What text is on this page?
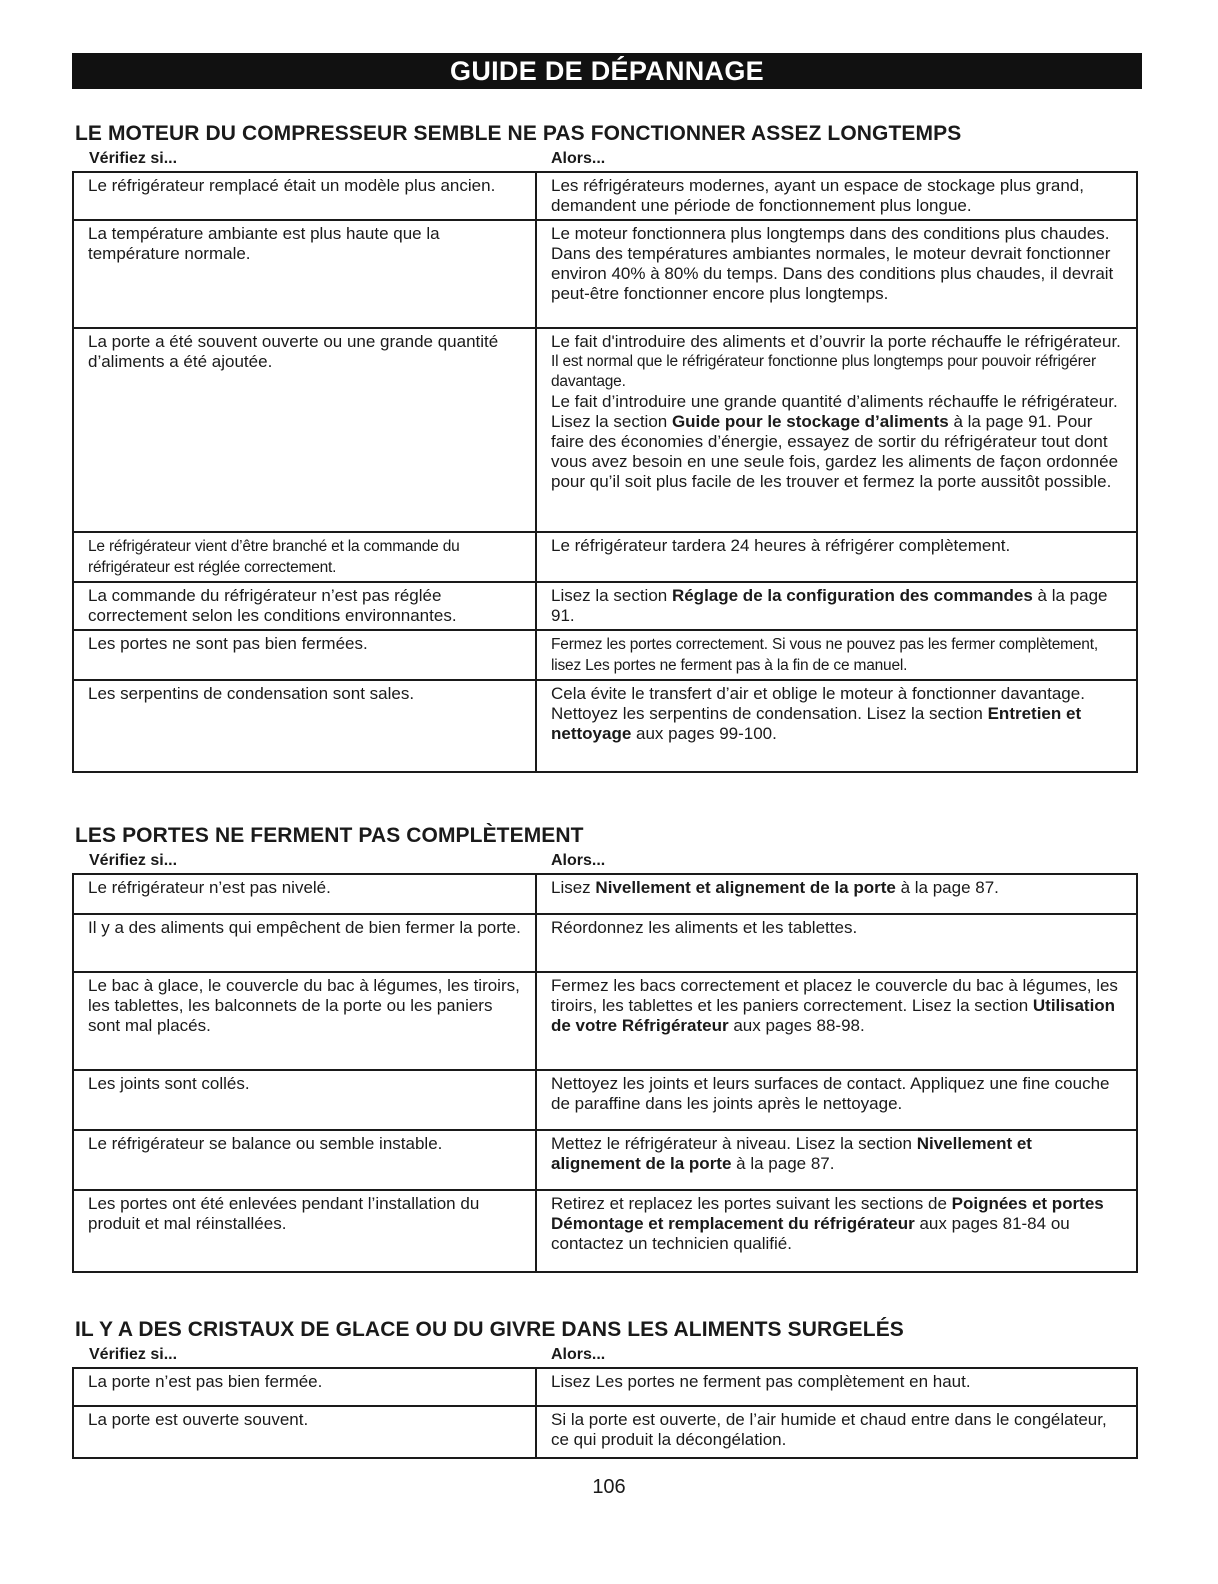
GUIDE DE DÉPANNAGE
LE MOTEUR DU COMPRESSEUR SEMBLE NE PAS FONCTIONNER ASSEZ LONGTEMPS
Vérifiez si...	Alors...
Le réfrigérateur remplacé était un modèle plus ancien.	Les réfrigérateurs modernes, ayant un espace de stockage plus grand, demandent une période de fonctionnement plus longue.
La température ambiante est plus haute que la température normale.	Le moteur fonctionnera plus longtemps dans des conditions plus chaudes. Dans des températures ambiantes normales, le moteur devrait fonctionner environ 40% à 80% du temps. Dans des conditions plus chaudes, il devrait peut-être fonctionner encore plus longtemps.
La porte a été souvent ouverte ou une grande quantité d’aliments a été ajoutée.	Le fait d'introduire des aliments et d’ouvrir la porte réchauffe le réfrigérateur.
Il est normal que le réfrigérateur fonctionne plus longtemps pour pouvoir réfrigérer davantage.
Le fait d’introduire une grande quantité d’aliments réchauffe le réfrigérateur. Lisez la section Guide pour le stockage d’aliments à la page 91. Pour faire des économies d’énergie, essayez de sortir du réfrigérateur tout dont vous avez besoin en une seule fois, gardez les aliments de façon ordonnée pour qu’il soit plus facile de les trouver et fermez la porte aussitôt possible.

Le réfrigérateur vient d’être branché et la commande du réfrigérateur est réglée correctement.	Le réfrigérateur tardera 24 heures à réfrigérer complètement.
La commande du réfrigérateur n’est pas réglée correctement selon les conditions environnantes.	Lisez la section Réglage de la configuration des commandes à la page 91.
Les portes ne sont pas bien fermées.	Fermez les portes correctement. Si vous ne pouvez pas les fermer complètement, lisez Les portes ne ferment pas à la fin de ce manuel.
Les serpentins de condensation sont sales.	Cela évite le transfert d’air et oblige le moteur à fonctionner davantage.
Nettoyez les serpentins de condensation. Lisez la section Entretien et nettoyage aux pages 99-100.
LES PORTES NE FERMENT PAS COMPLÈTEMENT
Vérifiez si...	Alors...
Le réfrigérateur n’est pas nivelé.	Lisez Nivellement et alignement de la porte à la page 87.
Il y a des aliments qui empêchent de bien fermer la porte.	Réordonnez les aliments et les tablettes.
Le bac à glace, le couvercle du bac à légumes, les tiroirs, les tablettes, les balconnets de la porte ou les paniers sont mal placés.	Fermez les bacs correctement et placez le couvercle du bac à légumes, les tiroirs, les tablettes et les paniers correctement. Lisez la section Utilisation de votre Réfrigérateur aux pages 88-98.
Les joints sont collés.	Nettoyez les joints et leurs surfaces de contact. Appliquez une fine couche de paraffine dans les joints après le nettoyage.
Le réfrigérateur se balance ou semble instable.	Mettez le réfrigérateur à niveau. Lisez la section Nivellement et alignement de la porte à la page 87.
Les portes ont été enlevées pendant l’installation du produit et mal réinstallées.	Retirez et replacez les portes suivant les sections de Poignées et portes Démontage et remplacement du réfrigérateur aux pages 81-84 ou contactez un technicien qualifié.
IL Y A DES CRISTAUX DE GLACE OU DU GIVRE DANS LES ALIMENTS SURGELÉS
Vérifiez si...	Alors...
La porte n’est pas bien fermée.	Lisez Les portes ne ferment pas complètement en haut.
La porte est ouverte souvent.	Si la porte est ouverte, de l’air humide et chaud entre dans le congélateur, ce qui produit la décongélation.
106
